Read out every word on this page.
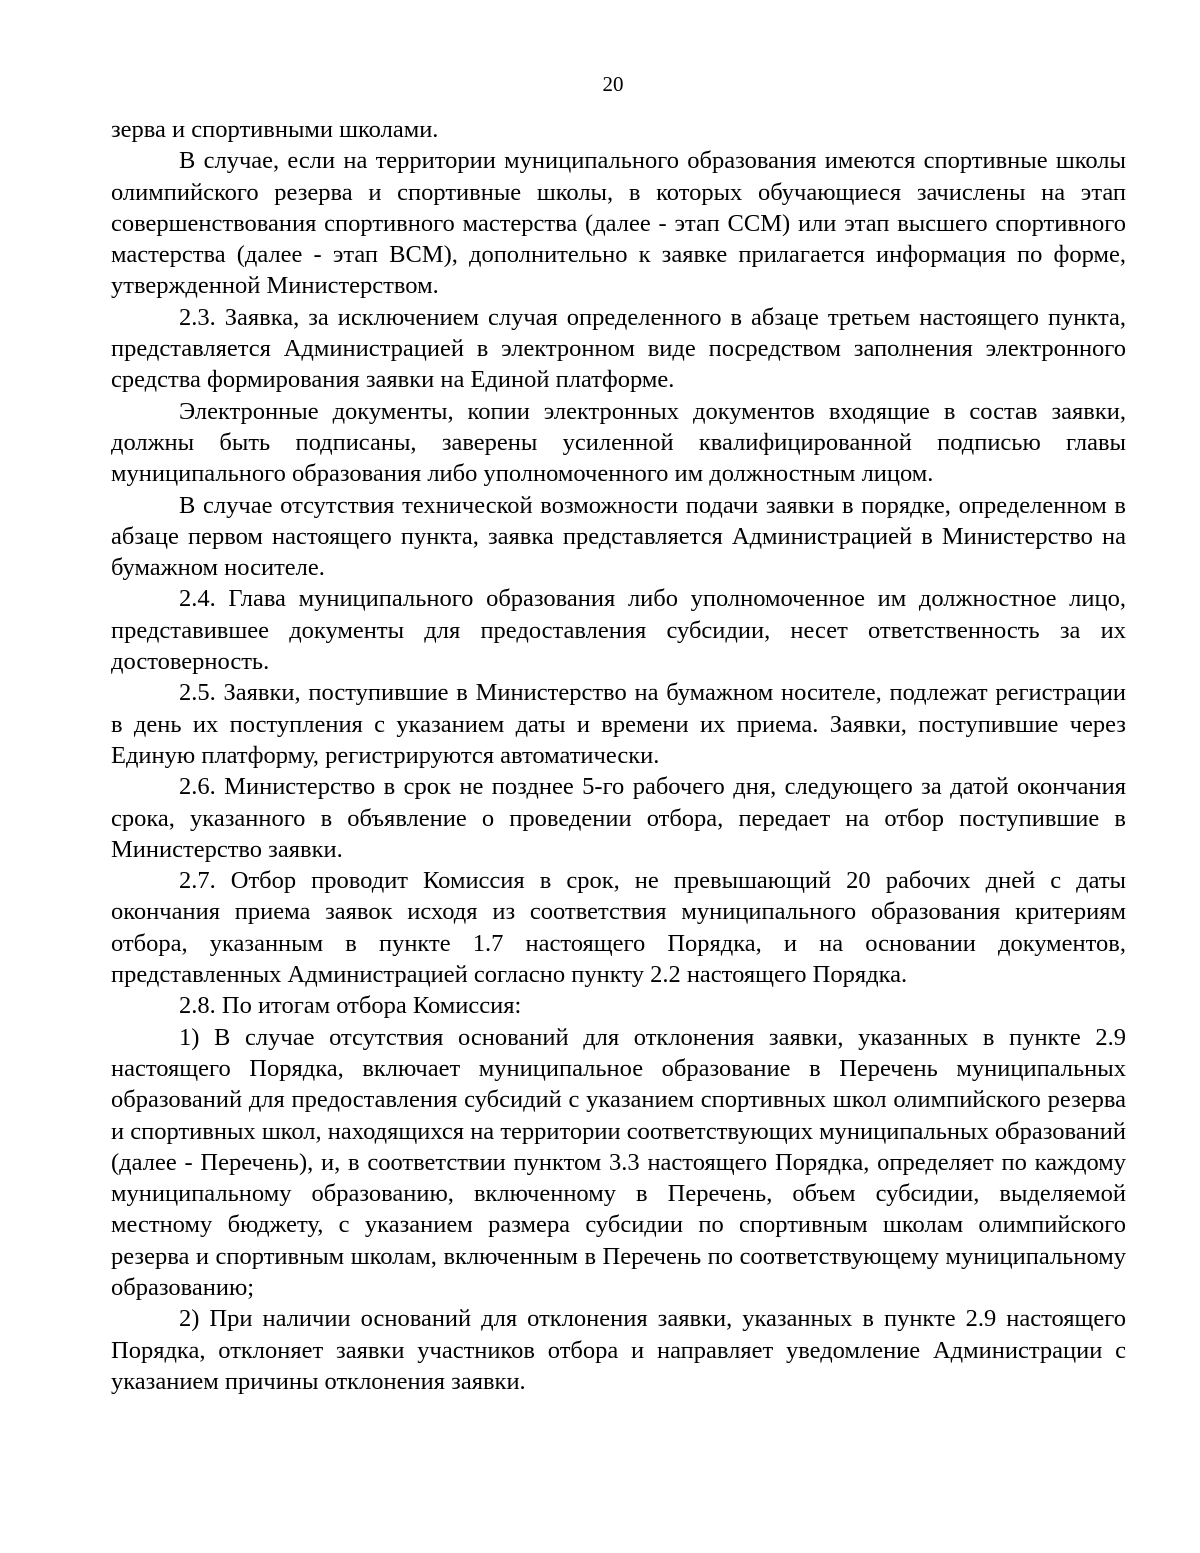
20

зерва и спортивными школами.

В случае, если на территории муниципального образования имеются спортивные школы олимпийского резерва и спортивные школы, в которых обучающиеся зачислены на этап совершенствования спортивного мастерства (далее - этап ССМ) или этап высшего спортивного мастерства (далее - этап ВСМ), дополнительно к заявке прилагается информация по форме, утвержденной Министерством.

2.3. Заявка, за исключением случая определенного в абзаце третьем настоящего пункта, представляется Администрацией в электронном виде посредством заполнения электронного средства формирования заявки на Единой платформе.

Электронные документы, копии электронных документов входящие в состав заявки, должны быть подписаны, заверены усиленной квалифицированной подписью главы муниципального образования либо уполномоченного им должностным лицом.

В случае отсутствия технической возможности подачи заявки в порядке, определенном в абзаце первом настоящего пункта, заявка представляется Администрацией в Министерство на бумажном носителе.

2.4. Глава муниципального образования либо уполномоченное им должностное лицо, представившее документы для предоставления субсидии, несет ответственность за их достоверность.

2.5. Заявки, поступившие в Министерство на бумажном носителе, подлежат регистрации в день их поступления с указанием даты и времени их приема. Заявки, поступившие через Единую платформу, регистрируются автоматически.

2.6. Министерство в срок не позднее 5-го рабочего дня, следующего за датой окончания срока, указанного в объявление о проведении отбора, передает на отбор поступившие в Министерство заявки.

2.7. Отбор проводит Комиссия в срок, не превышающий 20 рабочих дней с даты окончания приема заявок исходя из соответствия муниципального образования критериям отбора, указанным в пункте 1.7 настоящего Порядка, и на основании документов, представленных Администрацией согласно пункту 2.2 настоящего Порядка.

2.8. По итогам отбора Комиссия:

1) В случае отсутствия оснований для отклонения заявки, указанных в пункте 2.9 настоящего Порядка, включает муниципальное образование в Перечень муниципальных образований для предоставления субсидий с указанием спортивных школ олимпийского резерва и спортивных школ, находящихся на территории соответствующих муниципальных образований (далее - Перечень), и, в соответствии пунктом 3.3 настоящего Порядка, определяет по каждому муниципальному образованию, включенному в Перечень, объем субсидии, выделяемой местному бюджету, с указанием размера субсидии по спортивным школам олимпийского резерва и спортивным школам, включенным в Перечень по соответствующему муниципальному образованию;

2) При наличии оснований для отклонения заявки, указанных в пункте 2.9 настоящего Порядка, отклоняет заявки участников отбора и направляет уведомление Администрации с указанием причины отклонения заявки.
